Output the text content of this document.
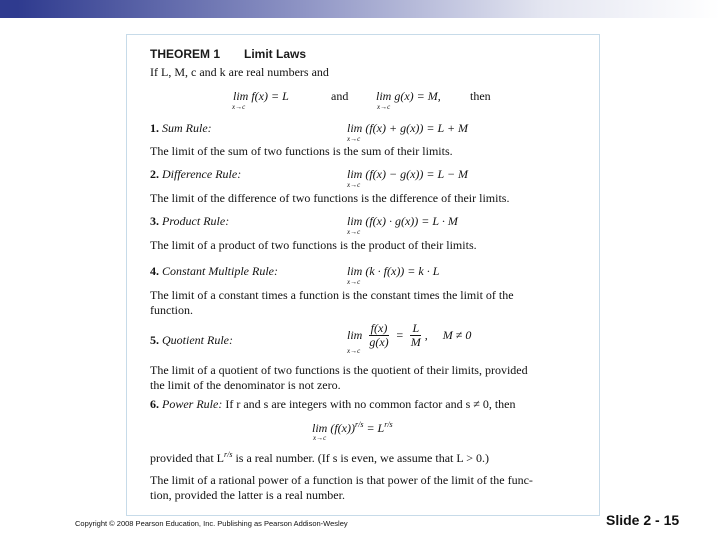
THEOREM 1 Limit Laws
If L, M, c and k are real numbers and
lim f(x) = L	and lim g(x) = M, then
x→c	x→c
1. Sum Rule:	lim (f(x) + g(x)) = L + M
x→c
The limit of the sum of two functions is the sum of their limits.
2. Difference Rule:	lim (f(x) − g(x)) = L − M
x→c
The limit of the difference of two functions is the difference of their limits.
3. Product Rule:	lim (f(x) · g(x)) = L · M
x→c
The limit of a product of two functions is the product of their limits.
4. Constant Multiple Rule:	lim (k · f(x)) = k · L
x→c
The limit of a constant times a function is the constant times the limit of the
function.
5. Quotient Rule:	$\lim \frac{f(x)}{g(x)} = \frac{L}{M}$ , M ≠ 0
x→c
The limit of a quotient of two functions is the quotient of their limits, provided
the limit of the denominator is not zero.
6. Power Rule: If r and s are integers with no common factor and s ≠ 0, then
$\lim (f(x))^{r/s} = L^{r/s}$
x→c
provided that $L^{r/s}$ is a real number. (If s is even, we assume that L > 0.)
The limit of a rational power of a function is that power of the limit of the func-
tion, provided the latter is a real number.
Copyright © 2008 Pearson Education, Inc. Publishing as Pearson Addison-Wesley	Slide 2 - 15
